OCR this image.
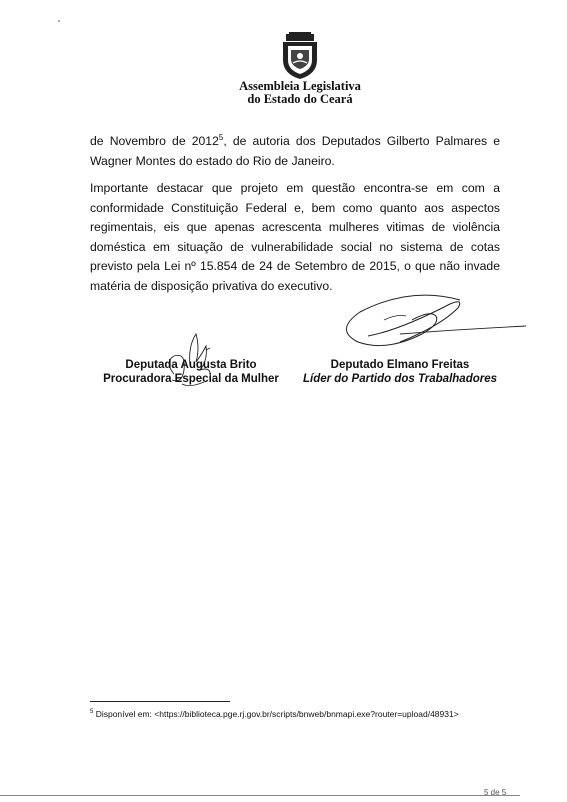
Assembleia Legislativa
do Estado do Ceará

de Novembro de 2012$^5$, de autoria dos Deputados Gilberto Palmares e Wagner Montes do estado do Rio de Janeiro.

Importante destacar que projeto em questão encontra-se em com a conformidade Constituição Federal e, bem como quanto aos aspectos regimentais, eis que apenas acrescenta mulheres vitimas de violência doméstica em situação de vulnerabilidade social no sistema de cotas previsto pela Lei nº 15.854 de 24 de Setembro de 2015, o que não invade matéria de disposição privativa do executivo.

Deputada Augusta Brito
Procuradora Especial da Mulher
Deputado Elmano Freitas
Líder do Partido dos Trabalhadores
$^5$ Disponível em: <https://biblioteca.pge.rj.gov.br/scripts/bnweb/bnmapi.exe?router=upload/48931>
5 de 5
